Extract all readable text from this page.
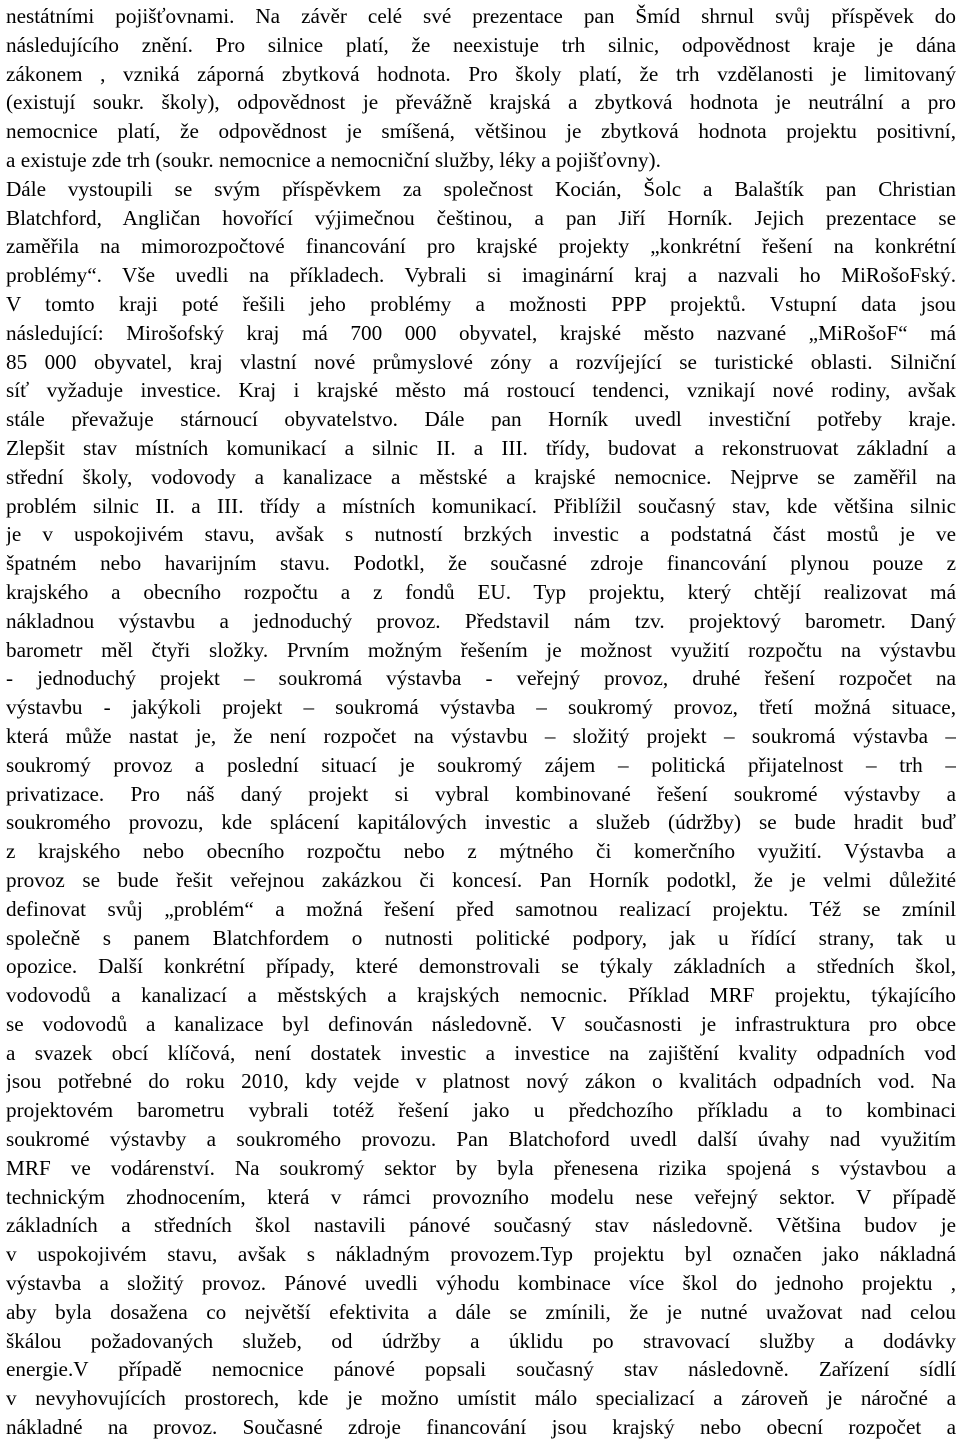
nestátními pojišťovnami. Na závěr celé své prezentace pan Šmíd shrnul svůj příspěvek do
následujícího znění. Pro silnice platí, že neexistuje trh silnic, odpovědnost kraje je dána
zákonem , vzniká záporná zbytková hodnota. Pro školy platí, že trh vzdělanosti je limitovaný
(existují soukr. školy), odpovědnost je převážně krajská a zbytková hodnota je neutrální a pro
nemocnice platí, že odpovědnost je smíšená, většinou je zbytková hodnota projektu positivní,
a existuje zde trh (soukr. nemocnice a nemocniční služby, léky a pojišťovny).
Dále vystoupili se svým příspěvkem za společnost Kocián, Šolc a Balaštík pan Christian
Blatchford, Angličan hovořící výjimečnou češtinou, a pan Jiří Horník. Jejich prezentace se
zaměřila na mimorozpočtové financování pro krajské projekty „konkrétní řešení na konkrétní
problémy“. Vše uvedli na příkladech. Vybrali si imaginární kraj a nazvali ho MiRošoFský.
V tomto kraji poté řešili jeho problémy a možnosti PPP projektů. Vstupní data jsou
následující: Mirošofský kraj má 700 000 obyvatel, krajské město nazvané „MiRošoF“ má
85 000 obyvatel, kraj vlastní nové průmyslové zóny a rozvíjející se turistické oblasti. Silniční
síť vyžaduje investice. Kraj i krajské město má rostoucí tendenci, vznikají nové rodiny, avšak
stále převažuje stárnoucí obyvatelstvo. Dále pan Horník uvedl investiční potřeby kraje.
Zlepšit stav místních komunikací a silnic II. a III. třídy, budovat a rekonstruovat základní a
střední školy, vodovody a kanalizace a městské a krajské nemocnice. Nejprve se zaměřil na
problém silnic II. a III. třídy a místních komunikací. Přiblížil současný stav, kde většina silnic
je v uspokojivém stavu, avšak s nutností brzkých investic a podstatná část mostů je ve
špatném nebo havarijním stavu. Podotkl, že současné zdroje financování plynou pouze z
krajského a obecního rozpočtu a z fondů EU. Typ projektu, který chtějí realizovat má
nákladnou výstavbu a jednoduchý provoz. Představil nám tzv. projektový barometr. Daný
barometr měl čtyři složky. Prvním možným řešením je možnost využití rozpočtu na výstavbu
- jednoduchý projekt – soukromá výstavba - veřejný provoz, druhé řešení rozpočet na
výstavbu - jakýkoli projekt – soukromá výstavba – soukromý provoz, třetí možná situace,
která může nastat je, že není rozpočet na výstavbu – složitý projekt – soukromá výstavba –
soukromý provoz a poslední situací je soukromý zájem – politická přijatelnost – trh –
privatizace. Pro náš daný projekt si vybral kombinované řešení soukromé výstavby a
soukromého provozu, kde splácení kapitálových investic a služeb (údržby) se bude hradit buď
z krajského nebo obecního rozpočtu nebo z mýtného či komerčního využití. Výstavba a
provoz se bude řešit veřejnou zakázkou či koncesí. Pan Horník podotkl, že je velmi důležité
definovat svůj „problém“ a možná řešení před samotnou realizací projektu. Též se zmínil
společně s panem Blatchfordem o nutnosti politické podpory, jak u řídící strany, tak u
opozice. Další konkrétní případy, které demonstrovali se týkaly základních a středních škol,
vodovodů a kanalizací a městských a krajských nemocnic. Příklad MRF projektu, týkajícího
se vodovodů a kanalizace byl definován následovně. V současnosti je infrastruktura pro obce
a svazek obcí klíčová, není dostatek investic a investice na zajištění kvality odpadních vod
jsou potřebné do roku 2010, kdy vejde v platnost nový zákon o kvalitách odpadních vod. Na
projektovém barometru vybrali totéž řešení jako u předchozího příkladu a to kombinaci
soukromé výstavby a soukromého provozu. Pan Blatchoford uvedl další úvahy nad využitím
MRF ve vodárenství. Na soukromý sektor by byla přenesena rizika spojená s výstavbou a
technickým zhodnocením, která v rámci provozního modelu nese veřejný sektor. V případě
základních a středních škol nastavili pánové současný stav následovně. Většina budov je
v uspokojivém stavu, avšak s nákladným provozem.Typ projektu byl označen jako nákladná
výstavba a složitý provoz. Pánové uvedli výhodu kombinace více škol do jednoho projektu ,
aby byla dosažena co největší efektivita a dále se zmínili, že je nutné uvažovat nad celou
škálou požadovaných služeb, od údržby a úklidu po stravovací služby a dodávky
energie.V případě nemocnice pánové popsali současný stav následovně. Zařízení sídlí
v nevyhovujících prostorech, kde je možno umístit málo specializací a zároveň je náročné a
nákladné na provoz. Současné zdroje financování jsou krajský nebo obecní rozpočet a
